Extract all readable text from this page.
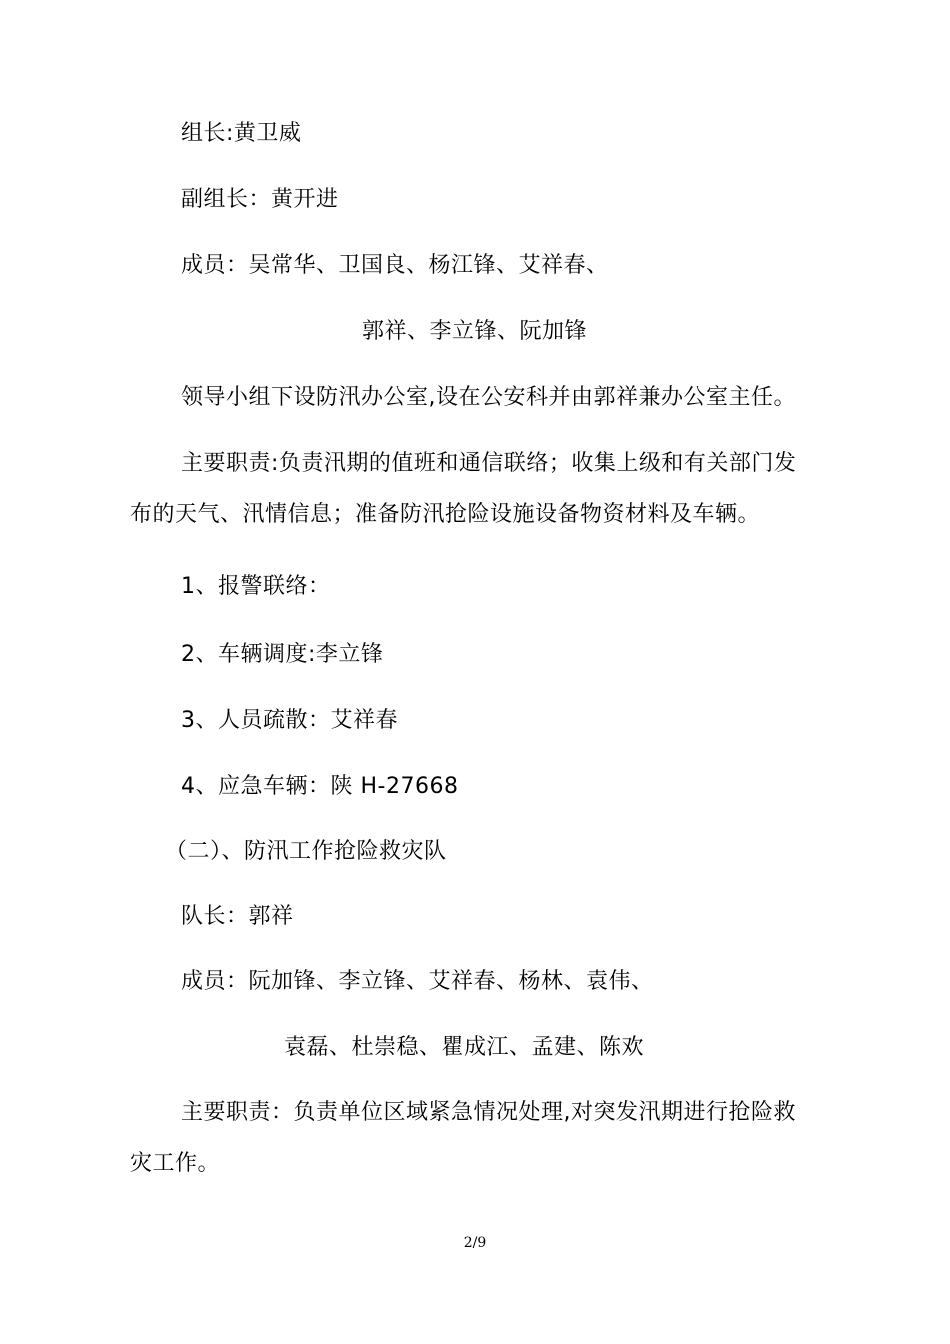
组长:黄卫威
副组长：黄开进
成员：吴常华、卫国良、杨江锋、艾祥春、
郭祥、李立锋、阮加锋
领导小组下设防汛办公室,设在公安科并由郭祥兼办公室主任。
主要职责:负责汛期的值班和通信联络；收集上级和有关部门发
布的天气、汛情信息；准备防汛抢险设施设备物资材料及车辆。
1、报警联络：
2、车辆调度:李立锋
3、人员疏散：艾祥春
4、应急车辆：陕 H-27668
（二）、防汛工作抢险救灾队
队长：郭祥
成员：阮加锋、李立锋、艾祥春、杨林、袁伟、
袁磊、杜崇稳、瞿成江、孟建、陈欢
主要职责：负责单位区域紧急情况处理,对突发汛期进行抢险救
灾工作。
2/9
